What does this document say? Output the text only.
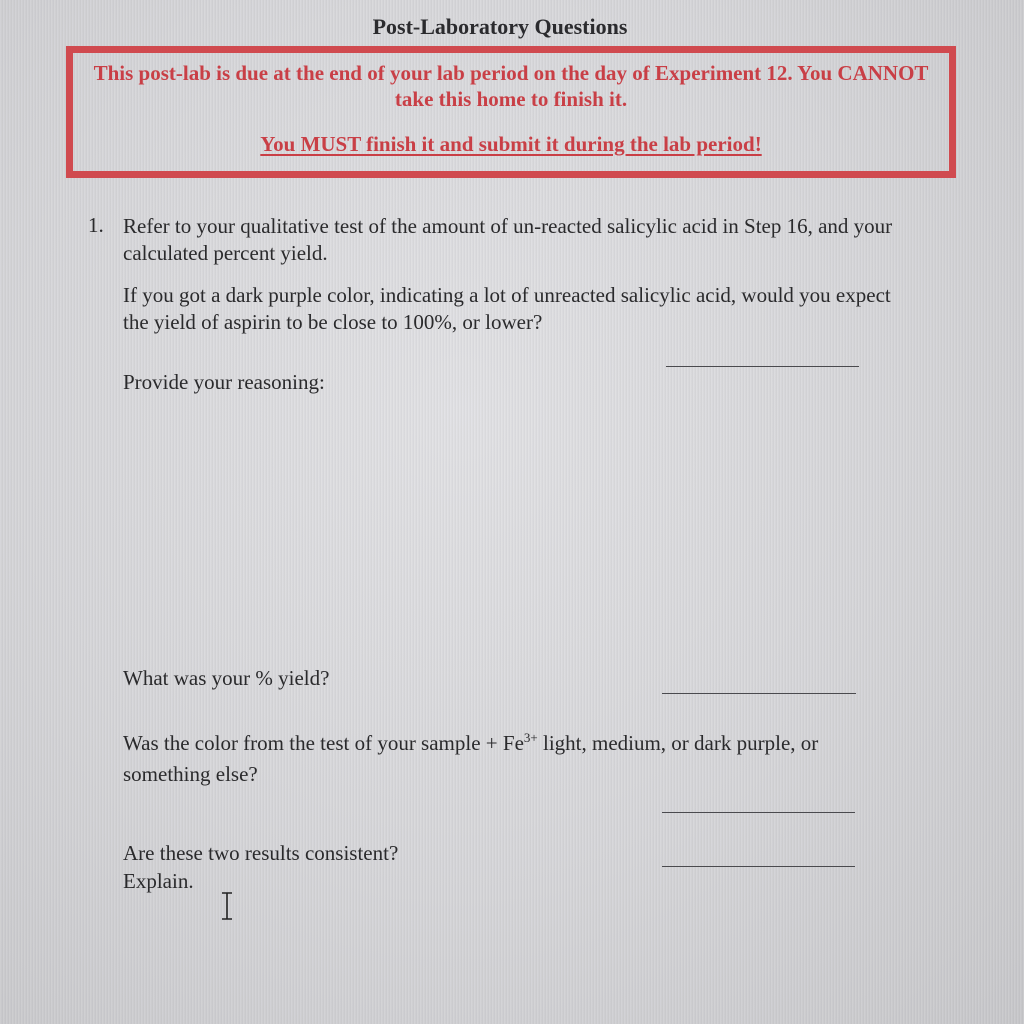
Post-Laboratory Questions
This post-lab is due at the end of your lab period on the day of Experiment 12. You CANNOT take this home to finish it.
You MUST finish it and submit it during the lab period!
1. Refer to your qualitative test of the amount of un-reacted salicylic acid in Step 16, and your calculated percent yield.
If you got a dark purple color, indicating a lot of unreacted salicylic acid, would you expect the yield of aspirin to be close to 100%, or lower?
Provide your reasoning:
What was your % yield?
Was the color from the test of your sample + $Fe^{3+}$ light, medium, or dark purple, or something else?
Are these two results consistent?
Explain.
